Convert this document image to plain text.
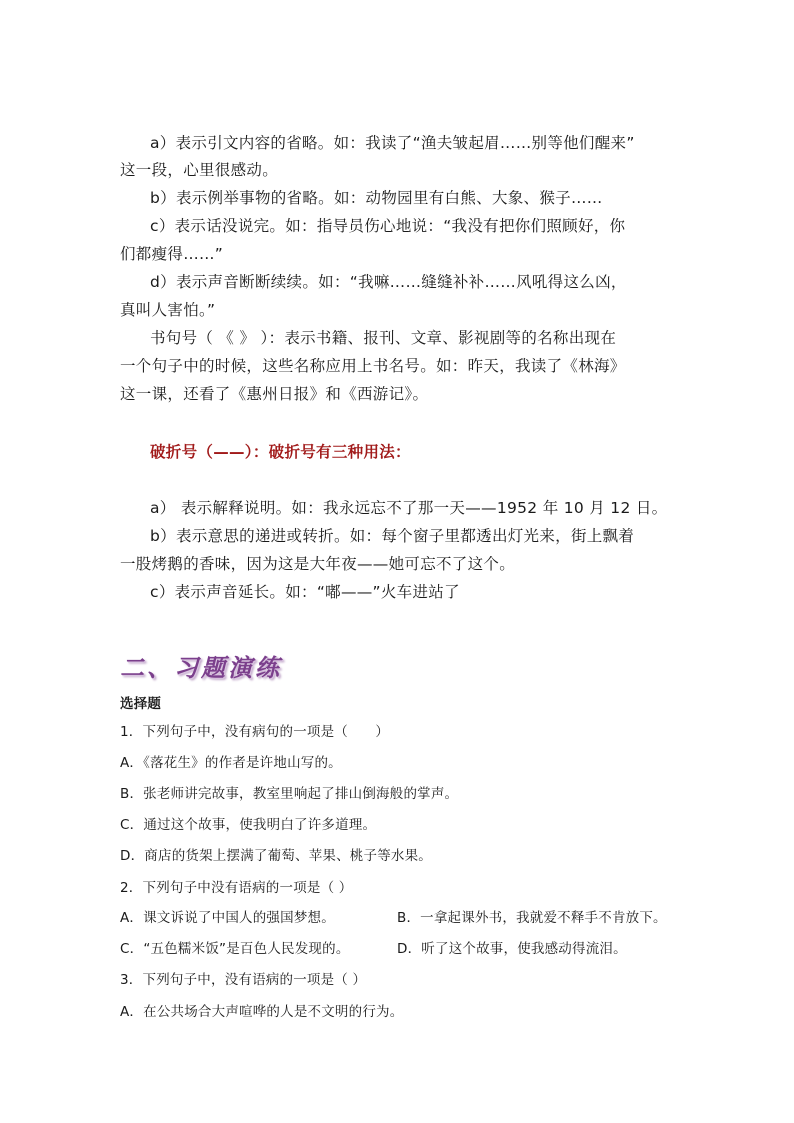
a）表示引文内容的省略。如：我读了“渔夫皱起眉……别等他们醒来”
这一段，心里很感动。
b）表示例举事物的省略。如：动物园里有白熊、大象、猴子……
c）表示话没说完。如：指导员伤心地说：“我没有把你们照顾好，你
们都瘦得……”
d）表示声音断断续续。如：“我嘛……缝缝补补……风吼得这么凶，
真叫人害怕。”
书句号（ 《 》 ）：表示书籍、报刊、文章、影视剧等的名称出现在
一个句子中的时候，这些名称应用上书名号。如：昨天，我读了《林海》
这一课，还看了《惠州日报》和《西游记》。
破折号（——）：破折号有三种用法：
a） 表示解释说明。如：我永远忘不了那一天——1952 年 10 月 12 日。
b）表示意思的递进或转折。如：每个窗子里都透出灯光来，街上飘着
一股烤鹅的香味，因为这是大年夜——她可忘不了这个。
c）表示声音延长。如：“嘟——”火车进站了
二、习题演练
选择题
1．下列句子中，没有病句的一项是（　　）
A．《落花生》的作者是许地山写的。
B．张老师讲完故事，教室里响起了排山倒海般的掌声。
C．通过这个故事，使我明白了许多道理。
D．商店的货架上摆满了葡萄、苹果、桃子等水果。
2．下列句子中没有语病的一项是（ ）
A．课文诉说了中国人的强国梦想。	B．一拿起课外书，我就爱不释手不肯放下。
C．“五色糯米饭”是百色人民发现的。	D．听了这个故事，使我感动得流泪。
3．下列句子中，没有语病的一项是（ ）
A．在公共场合大声喧哗的人是不文明的行为。
